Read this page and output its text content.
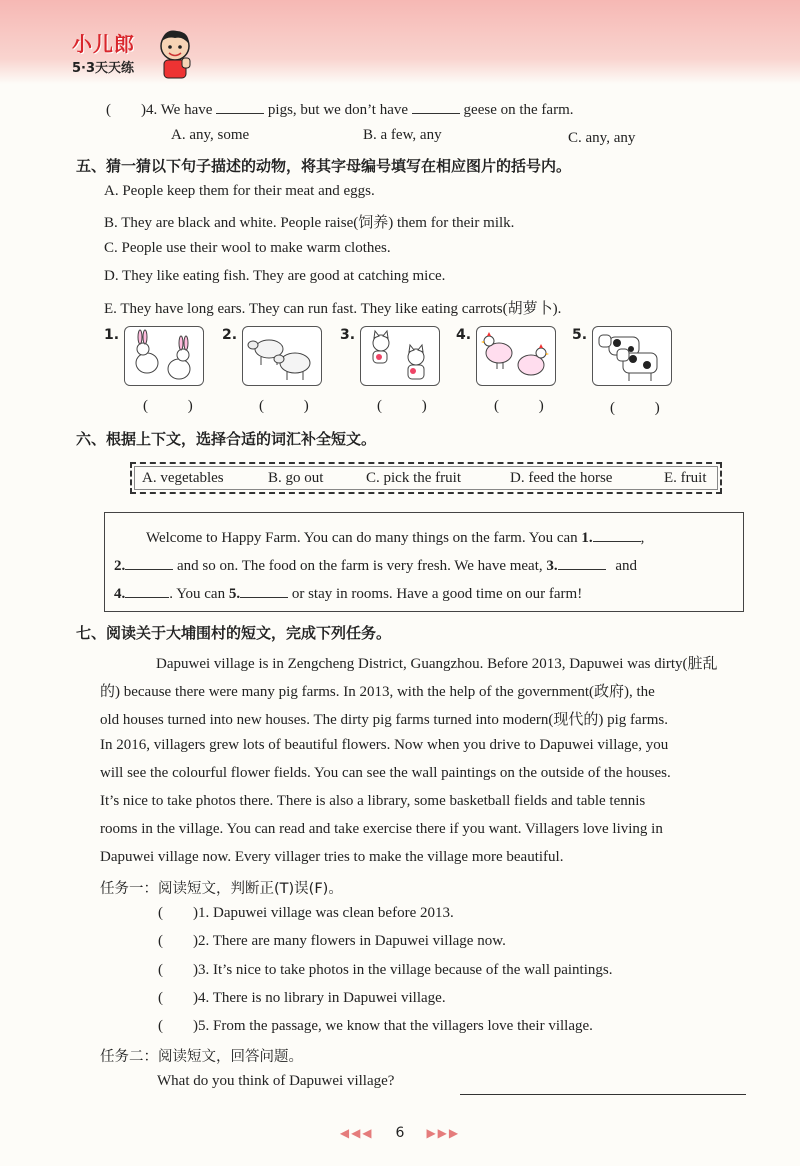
小儿郎
5·3天天练
( )4. We have	pigs, but we don’t have	geese on the farm.
A. any, some	B. a few, any	C. any, any
五、猜一猜以下句子描述的动物，将其字母编号填写在相应图片的括号内。
A. People keep them for their meat and eggs.
B. They are black and white. People raise(饲养) them for their milk.
C. People use their wool to make warm clothes.
D. They like eating fish. They are good at catching mice.
E. They have long ears. They can run fast. They like eating carrots(胡萝卜).
1.	2.	3.	4.	5.
( )	( )	( )	( )	( )
六、根据上下文，选择合适的词汇补全短文。
A. vegetables	B. go out	C. pick the fruit	D. feed the horse	E. fruit
Welcome to Happy Farm. You can do many things on the farm. You can 1.	,
2.	and so on. The food on the farm is very fresh. We have meat, 3.	and
4.	. You can 5.	or stay in rooms. Have a good time on our farm!
七、阅读关于大埔围村的短文，完成下列任务。
Dapuwei village is in Zengcheng District, Guangzhou. Before 2013, Dapuwei was dirty(脏乱
的) because there were many pig farms. In 2013, with the help of the government(政府), the
old houses turned into new houses. The dirty pig farms turned into modern(现代的) pig farms.
In 2016, villagers grew lots of beautiful flowers. Now when you drive to Dapuwei village, you
will see the colourful flower fields. You can see the wall paintings on the outside of the houses.
It’s nice to take photos there. There is also a library, some basketball fields and table tennis
rooms in the village. You can read and take exercise there if you want. Villagers love living in
Dapuwei village now. Every villager tries to make the village more beautiful.
任务一：阅读短文，判断正(T)误(F)。
( )1. Dapuwei village was clean before 2013.
( )2. There are many flowers in Dapuwei village now.
( )3. It’s nice to take photos in the village because of the wall paintings.
( )4. There is no library in Dapuwei village.
( )5. From the passage, we know that the villagers love their village.
任务二：阅读短文，回答问题。
What do you think of Dapuwei village?
◀◀◀ 6 ▶▶▶
